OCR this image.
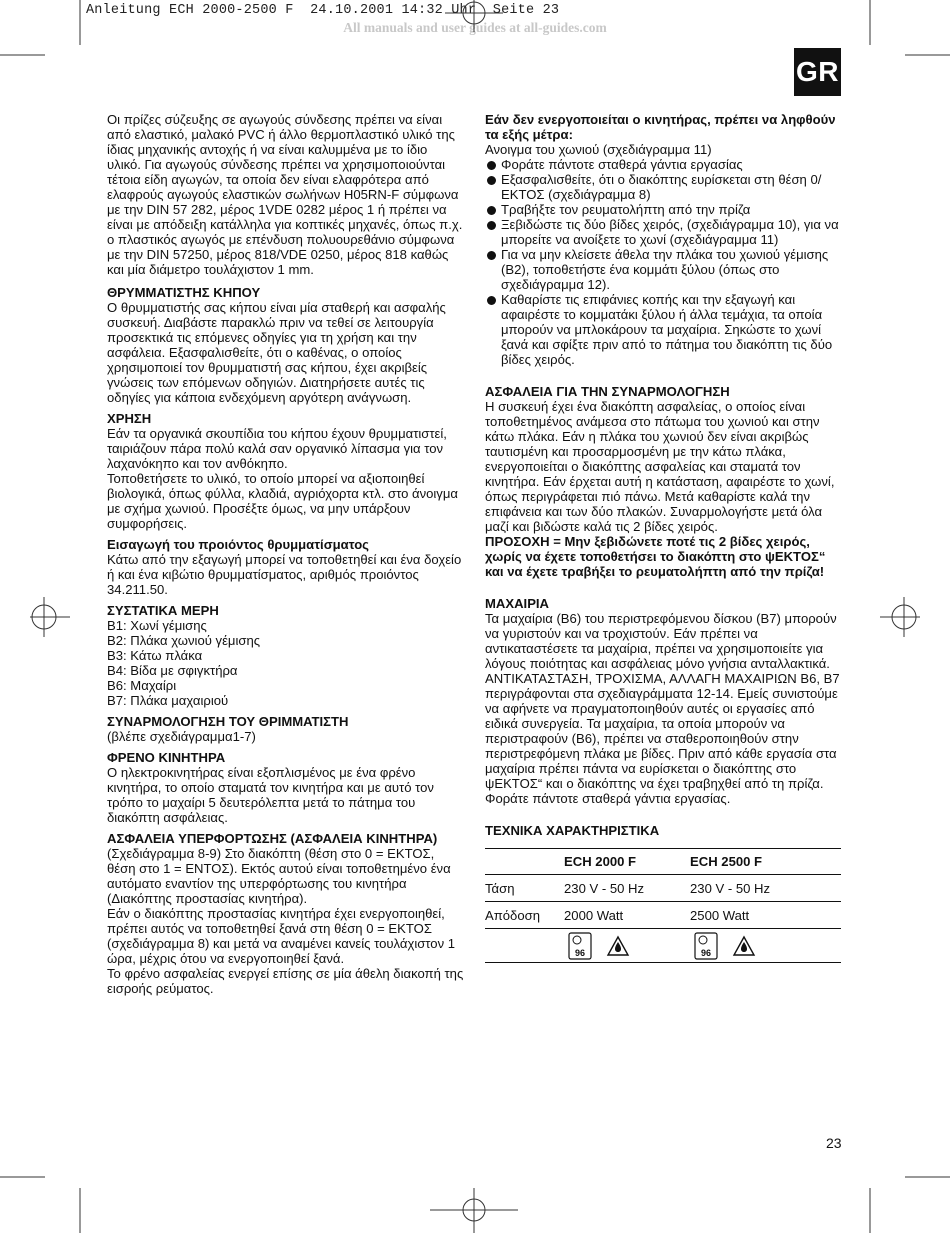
Anleitung ECH 2000-2500 F  24.10.2001 14:32 Uhr  Seite 23
All manuals and user guides at all-guides.com
GR

Οι πρίζες σύζευξης σε αγωγούς σύνδεσης πρέπει να είναι από ελαστικό, μαλακό PVC ή άλλο θερμοπλαστικό υλικό της ίδιας μηχανικής αντοχής ή να είναι καλυμμένα με το ίδιο υλικό. Για αγωγούς σύνδεσης πρέπει να χρησιμοποιούνται τέτοια είδη αγωγών, τα οποία δεν είναι ελαφρότερα από ελαφρούς αγωγούς ελαστικών σωλήνων H05RN-F σύμφωνα με την DIN 57 282, μέρος 1VDE 0282 μέρος 1 ή πρέπει να είναι με απόδειξη κατάλληλα για κοπτικές μηχανές, όπως π.χ. ο πλαστικός αγωγός με επένδυση πολυουρεθάνιο σύμφωνα με την DIN 57250, μέρος 818/VDE 0250, μέρος 818 καθώς και μία διάμετρο τουλάχιστον 1 mm.

ΘΡΥΜΜΑΤΙΣΤΗΣ ΚΗΠΟΥ

Ο θρυμματιστής σας κήπου είναι μία σταθερή και ασφαλής συσκευή. Διαβάστε παρακλώ πριν να τεθεί σε λειτουργία προσεκτικά τις επόμενες οδηγίες για τη χρήση και την ασφάλεια. Εξασφαλισθείτε, ότι ο καθένας, ο οποίος χρησιμοποιεί τον θρυμματιστή σας κήπου, έχει ακριβείς γνώσεις των επόμενων οδηγιών. Διατηρήσετε αυτές τις οδηγίες για κάποια ενδεχόμενη αργότερη ανάγνωση.

ΧΡΗΣΗ

Εάν τα οργανικά σκουπίδια του κήπου έχουν θρυμματιστεί, ταιριάζουν πάρα πολύ καλά σαν οργανικό λίπασμα για τον λαχανόκηπο και τον ανθόκηπο.

Τοποθετήσετε το υλικό, το οποίο μπορεί να αξιοποιηθεί βιολογικά, όπως φύλλα, κλαδιά, αγριόχορτα κτλ. στο άνοιγμα με σχήμα χωνιού. Προσέξτε όμως, να μην υπάρξουν συμφορήσεις.

Εισαγωγή του προιόντος θρυμματίσματος

Κάτω από την εξαγωγή μπορεί να τοποθετηθεί και ένα δοχείο ή και ένα κιβώτιο θρυμματίσματος, αριθμός προιόντος 34.211.50.

ΣΥΣΤΑΤΙΚΑ ΜΕΡΗ

B1: Χωνί γέμισης

B2: Πλάκα χωνιού γέμισης

B3: Κάτω πλάκα

B4: Βίδα με σφιγκτήρα

B6: Μαχαίρι

B7: Πλάκα μαχαιριού

ΣΥΝΑΡΜΟΛΟΓΗΣΗ ΤΟΥ ΘΡΙΜΜΑΤΙΣΤΗ

(βλέπε σχεδιάγραμμα1-7)

ΦΡΕΝΟ ΚΙΝΗΤΗΡΑ

Ο ηλεκτροκινητήρας είναι εξοπλισμένος με ένα φρένο κινητήρα, το οποίο σταματά τον κινητήρα και με αυτό τον τρόπο το μαχαίρι 5 δευτερόλεπτα μετά το πάτημα του διακόπτη ασφάλειας.

ΑΣΦΑΛΕΙΑ ΥΠΕΡΦΟΡΤΩΣΗΣ (ΑΣΦΑΛΕΙΑ ΚΙΝΗΤΗΡΑ)

(Σχεδιάγραμμα 8-9) Στο διακόπτη (θέση στο 0 = ΕΚΤΟΣ, θέση στο 1 = ΕΝΤΟΣ). Εκτός αυτού είναι τοποθετημένο ένα αυτόματο εναντίον της υπερφόρτωσης του κινητήρα (Διακόπτης προστασίας κινητήρα).

Εάν ο διακόπτης προστασίας κινητήρα έχει ενεργοποιηθεί, πρέπει αυτός να τοποθετηθεί ξανά στη θέση 0 = ΕΚΤΟΣ (σχεδιάγραμμα 8) και μετά να αναμένει κανείς τουλάχιστον 1 ώρα, μέχρις ότου να ενεργοποιηθεί ξανά.

Το φρένο ασφαλείας ενεργεί επίσης σε μία άθελη διακοπή της εισροής ρεύματος.

Εάν δεν ενεργοποιείται ο κινητήρας, πρέπει να ληφθούν τα εξής μέτρα:

Ανοιγμα του χωνιού (σχεδιάγραμμα 11)

Φοράτε πάντοτε σταθερά γάντια εργασίας
Εξασφαλισθείτε, ότι ο διακόπτης ευρίσκεται στη θέση 0/ΕΚΤΟΣ (σχεδιάγραμμα 8)
Τραβήξτε τον ρευματολήπτη από την πρίζα
Ξεβιδώστε τις δύο βίδες χειρός, (σχεδιάγραμμα 10), για να μπορείτε να ανοίξετε το χωνί (σχεδιάγραμμα 11)
Για να μην κλείσετε άθελα την πλάκα του χωνιού γέμισης (Β2), τοποθετήστε ένα κομμάτι ξύλου (όπως στο σχεδιάγραμμα 12).
Καθαρίστε τις επιφάνιες κοπής και την εξαγωγή και αφαιρέστε το κομματάκι ξύλου ή άλλα τεμάχια, τα οποία μπορούν να μπλοκάρουν τα μαχαίρια. Σηκώστε το χωνί ξανά και σφίξτε πριν από το πάτημα του διακόπτη τις δύο βίδες χειρός.

ΑΣΦΑΛΕΙΑ ΓΙΑ ΤΗΝ ΣΥΝΑΡΜΟΛΟΓΗΣΗ

Η συσκευή έχει ένα διακόπτη ασφαλείας, ο οποίος είναι τοποθετημένος ανάμεσα στο πάτωμα του χωνιού και στην κάτω πλάκα. Εάν η πλάκα του χωνιού δεν είναι ακριβώς ταυτισμένη και προσαρμοσμένη με την κάτω πλάκα, ενεργοποιείται ο διακόπτης ασφαλείας και σταματά τον κινητήρα. Εάν έρχεται αυτή η κατάσταση, αφαιρέστε το χωνί, όπως περιγράφεται πιό πάνω. Μετά καθαρίστε καλά την επιφάνεια και των δύο πλακών. Συναρμολογήστε μετά όλα μαζί και βιδώστε καλά τις 2 βίδες χειρός.

ΠΡΟΣΟΧΗ = Μην ξεβιδώνετε ποτέ τις 2 βίδες χειρός, χωρίς να έχετε τοποθετήσει το διακόπτη στο ψΕΚΤΟΣ“ και να έχετε τραβήξει το ρευματολήπτη από την πρίζα!

ΜΑΧΑΙΡΙΑ

Τα μαχαίρια (Β6) του περιστρεφόμενου δίσκου (Β7) μπορούν να γυριστούν και να τροχιστούν. Εάν πρέπει να αντικαταστέσετε τα μαχαίρια, πρέπει να χρησιμοποιείτε για λόγους ποιότητας και ασφάλειας μόνο γνήσια ανταλλακτικά. ΑΝΤΙΚΑΤΑΣΤΑΣΗ, ΤΡΟΧΙΣΜΑ, ΑΛΛΑΓΗ ΜΑΧΑΙΡΙΩΝ Β6, Β7 περιγράφονται στα σχεδιαγράμματα 12-14. Εμείς συνιστούμε να αφήνετε να πραγματοποιηθούν αυτές οι εργασίες από ειδικά συνεργεία. Τα μαχαίρια, τα οποία μπορούν να περιστραφούν (Β6), πρέπει να σταθεροποιηθούν στην περιστρεφόμενη πλάκα με βίδες. Πριν από κάθε εργασία στα μαχαίρια πρέπει πάντα να ευρίσκεται ο διακόπτης στο ψΕΚΤΟΣ“ και ο διακόπτης να έχει τραβηχθεί από τη πρίζα. Φοράτε πάντοτε σταθερά γάντια εργασίας.

ΤΕΧΝΙΚΑ ΧΑΡΑΚΤΗΡΙΣΤΙΚΑ

	ECH 2000 F	ECH 2500 F
Τάση	230 V - 50 Hz	230 V - 50 Hz
Απόδοση	2000 Watt	2500 Watt

96	96
23
